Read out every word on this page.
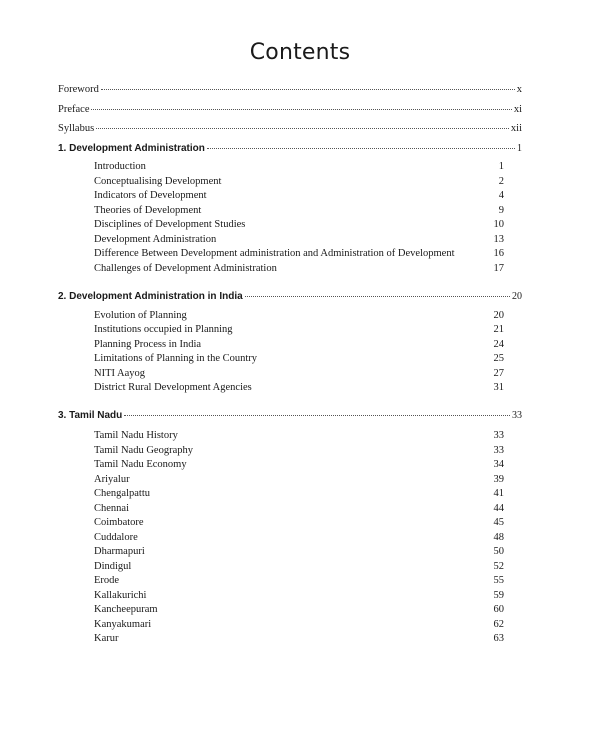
Contents
Foreword	x
Preface	xi
Syllabus	xii
1. Development Administration	1
Introduction	1
Conceptualising Development	2
Indicators of Development	4
Theories of Development	9
Disciplines of Development Studies	10
Development Administration	13
Difference Between Development administration and Administration of Development	16
Challenges of Development Administration	17
2. Development Administration in India	20
Evolution of Planning	20
Institutions occupied in Planning	21
Planning Process in India	24
Limitations of Planning in the Country	25
NITI Aayog	27
District Rural Development Agencies	31
3. Tamil Nadu	33
Tamil Nadu History	33
Tamil Nadu Geography	33
Tamil Nadu Economy	34
Ariyalur	39
Chengalpattu	41
Chennai	44
Coimbatore	45
Cuddalore	48
Dharmapuri	50
Dindigul	52
Erode	55
Kallakurichi	59
Kancheepuram	60
Kanyakumari	62
Karur	63
